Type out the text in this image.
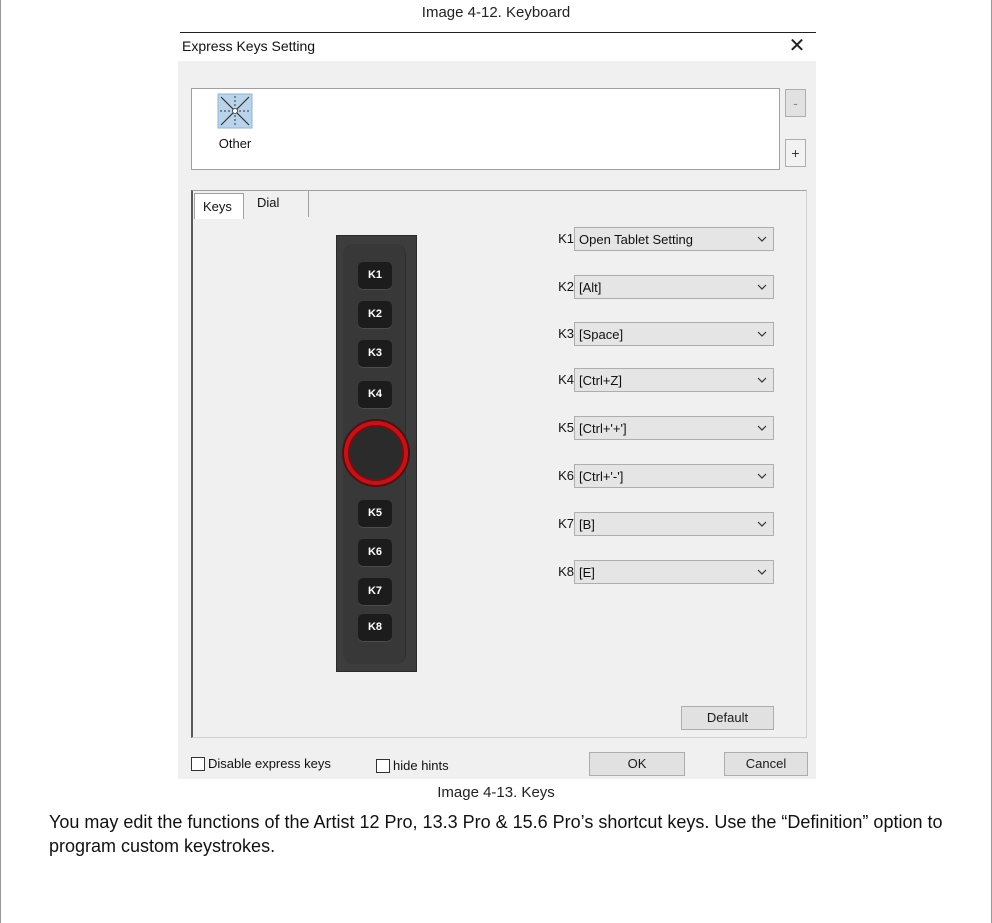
Image 4-12. Keyboard
Express Keys Setting	✕
Other
-
+
Keys	Dial
K1
K2
K3
K4
K5
K6
K7
K8
K1 Open Tablet Setting
K2 [Alt]
K3 [Space]
K4 [Ctrl+Z]
K5 [Ctrl+'+']
K6 [Ctrl+'-']
K7 [B]
K8 [E]
Default
Disable express keys	hide hints	OK	Cancel
Image 4-13. Keys
You may edit the functions of the Artist 12 Pro, 13.3 Pro & 15.6 Pro’s shortcut keys. Use the “Definition” option to program custom keystrokes.
